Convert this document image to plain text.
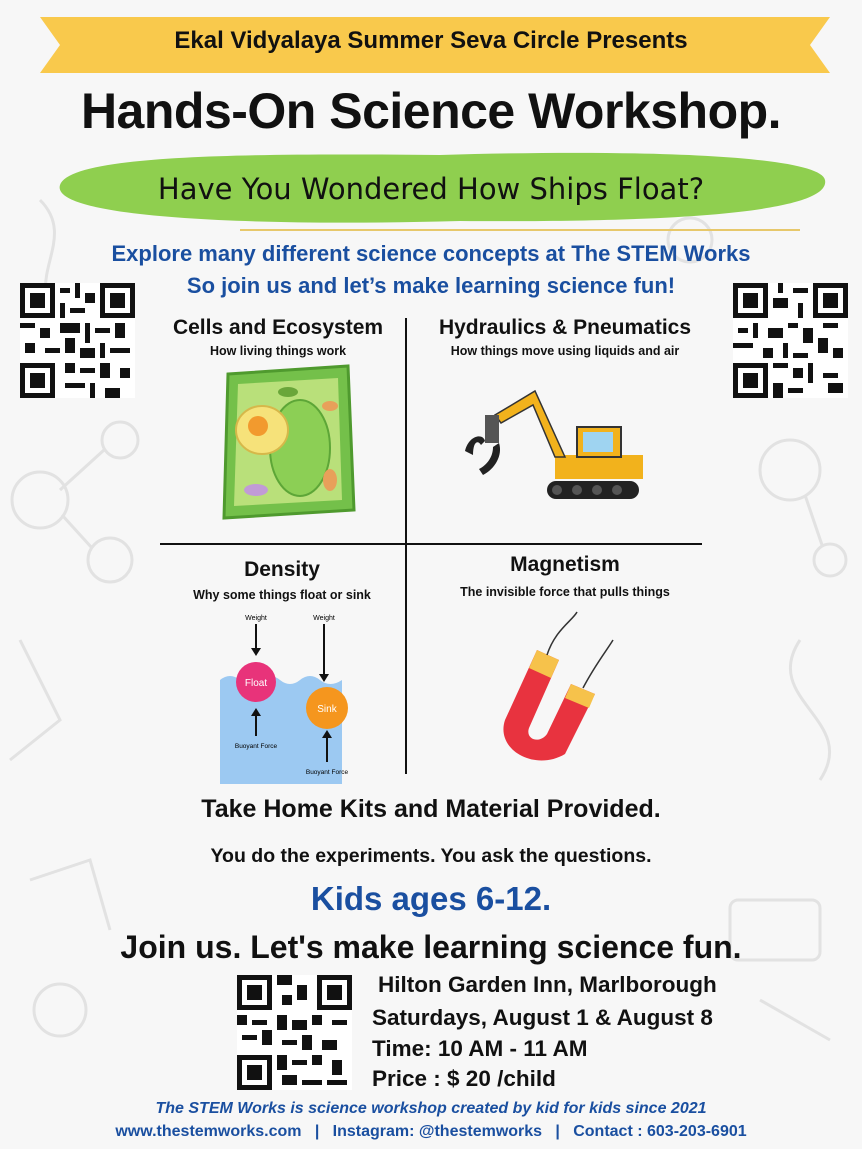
Ekal Vidyalaya Summer Seva Circle Presents
Hands-On Science Workshop.
Have You Wondered How Ships Float?
Explore many different science concepts at The STEM Works
So join us and let’s make learning science fun!
Cells and Ecosystem
How living things work
Hydraulics & Pneumatics
How things move using liquids and air
Density
Why some things float or sink
Weight	Weight
Float
Sink
Buoyant Force
Buoyant Force
Magnetism
The invisible force that pulls things
Take Home Kits and Material Provided.
You do the experiments. You ask the questions.
Kids ages 6-12.
Join us. Let's make learning science fun.
Hilton Garden Inn, Marlborough
Saturdays, August 1 & August 8
Time: 10 AM - 11 AM
Price : $ 20 /child
The STEM Works is science workshop created by kid for kids since 2021
www.thestemworks.com   |   Instagram: @thestemworks   |   Contact : 603-203-6901
